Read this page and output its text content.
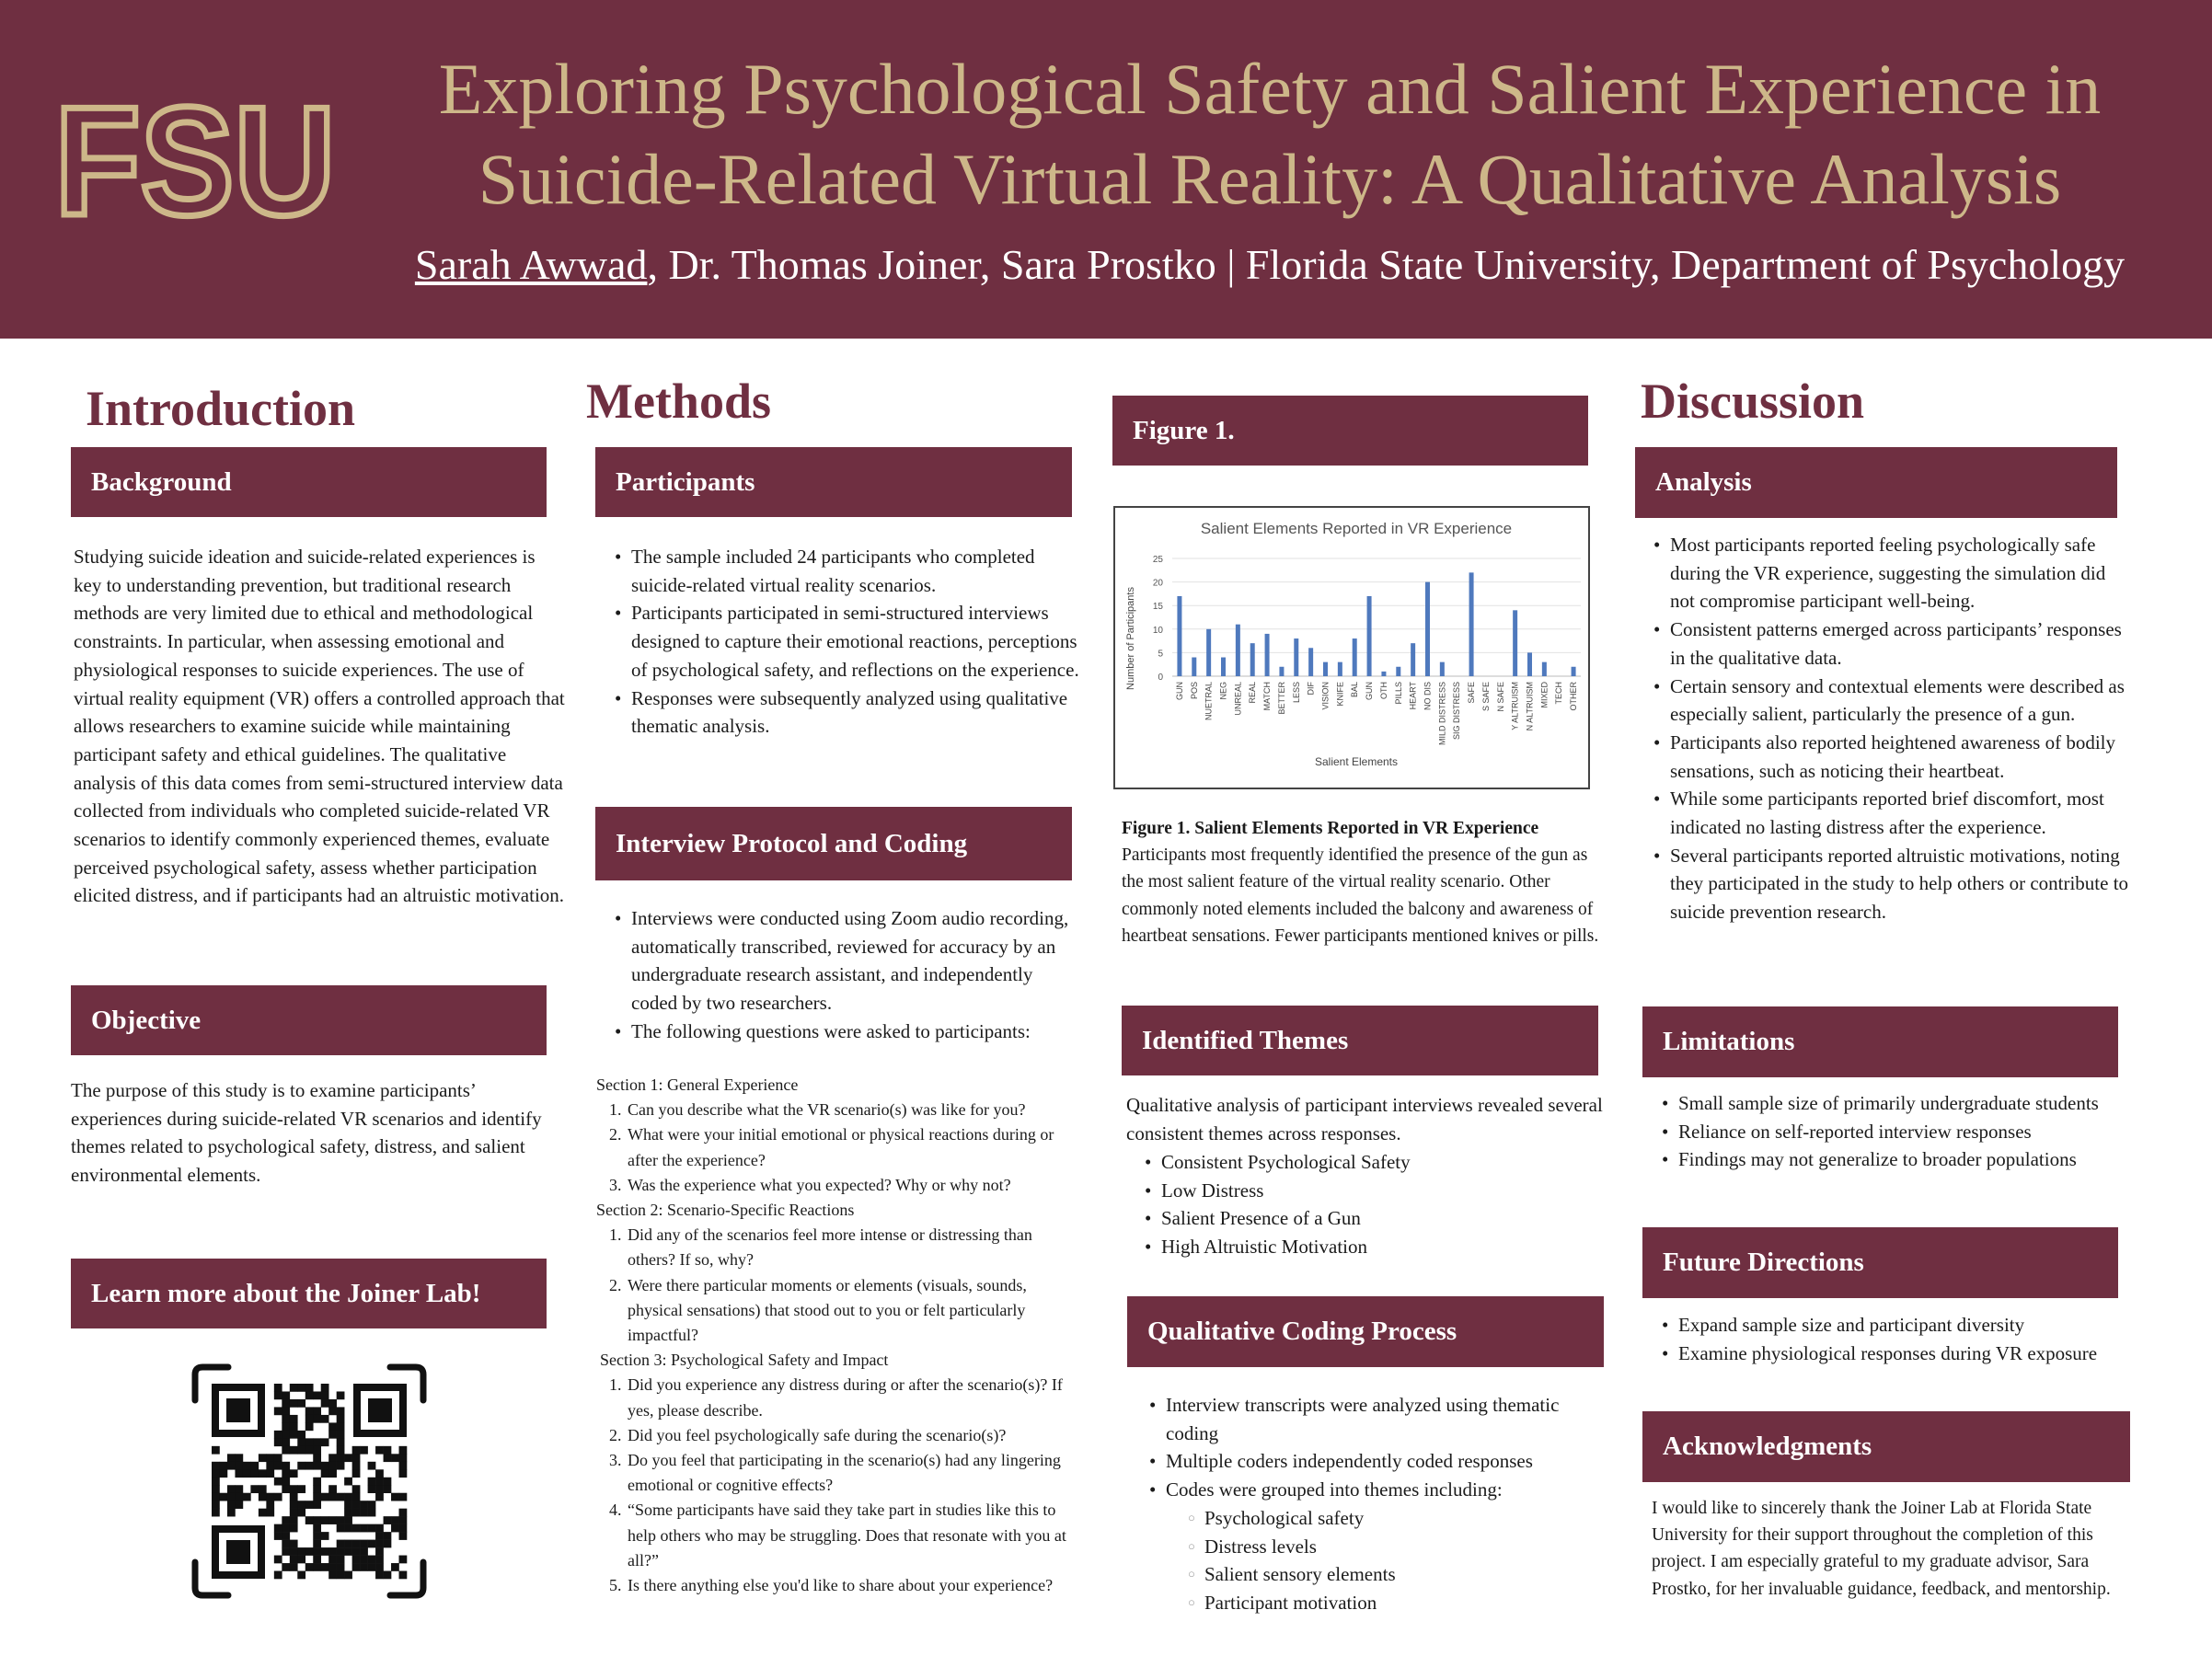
FSU	Exploring Psychological Safety and Salient Experience in
Suicide-Related Virtual Reality: A Qualitative Analysis
Sarah Awwad, Dr. Thomas Joiner, Sara Prostko | Florida State University, Department of Psychology
Introduction
Background
Studying suicide ideation and suicide-related experiences is key to understanding prevention, but traditional research methods are very limited due to ethical and methodological constraints. In particular, when assessing emotional and physiological responses to suicide experiences. The use of virtual reality equipment (VR) offers a controlled approach that allows researchers to examine suicide while maintaining participant safety and ethical guidelines. The qualitative analysis of this data comes from semi-structured interview data collected from individuals who completed suicide-related VR scenarios to identify commonly experienced themes, evaluate perceived psychological safety, assess whether participation elicited distress, and if participants had an altruistic motivation.
Objective
The purpose of this study is to examine participants’ experiences during suicide-related VR scenarios and identify themes related to psychological safety, distress, and salient environmental elements.
Learn more about the Joiner Lab!
Methods
Participants
• The sample included 24 participants who completed suicide-related virtual reality scenarios.
• Participants participated in semi-structured interviews designed to capture their emotional reactions, perceptions of psychological safety, and reflections on the experience.
• Responses were subsequently analyzed using qualitative thematic analysis.
Interview Protocol and Coding
• Interviews were conducted using Zoom audio recording, automatically transcribed, reviewed for accuracy by an undergraduate research assistant, and independently coded by two researchers.
• The following questions were asked to participants:
Section 1: General Experience
1. Can you describe what the VR scenario(s) was like for you?
2. What were your initial emotional or physical reactions during or after the experience?
3. Was the experience what you expected? Why or why not?
Section 2: Scenario-Specific Reactions
1. Did any of the scenarios feel more intense or distressing than others? If so, why?
2. Were there particular moments or elements (visuals, sounds, physical sensations) that stood out to you or felt particularly impactful?
Section 3: Psychological Safety and Impact
1. Did you experience any distress during or after the scenario(s)? If yes, please describe.
2. Did you feel psychologically safe during the scenario(s)?
3. Do you feel that participating in the scenario(s) had any lingering emotional or cognitive effects?
4. “Some participants have said they take part in studies like this to help others who may be struggling. Does that resonate with you at all?”
5. Is there anything else you'd like to share about your experience?
Figure 1.
Salient Elements Reported in VR Experience
0
5
10
15
20
25
GUN POS NUETRAL NEG UNREAL REAL MATCH BETTER LESS DIF VISION KNIFE BAL GUN OTH PILLS HEART NO DIS MILD DISTRESS SIG DISTRESS SAFE S SAFE N SAFE Y ALTRUISM N ALTRUISM MIXED TECH OTHER
Number of Participants
Salient Elements
Figure 1. Salient Elements Reported in VR Experience
Participants most frequently identified the presence of the gun as the most salient feature of the virtual reality scenario. Other commonly noted elements included the balcony and awareness of heartbeat sensations. Fewer participants mentioned knives or pills.
Identified Themes
Qualitative analysis of participant interviews revealed several consistent themes across responses.
• Consistent Psychological Safety
• Low Distress
• Salient Presence of a Gun
• High Altruistic Motivation
Qualitative Coding Process
• Interview transcripts were analyzed using thematic coding
• Multiple coders independently coded responses
• Codes were grouped into themes including:
○ Psychological safety
○ Distress levels
○ Salient sensory elements
○ Participant motivation
Discussion
Analysis
• Most participants reported feeling psychologically safe during the VR experience, suggesting the simulation did not compromise participant well-being.
• Consistent patterns emerged across participants’ responses in the qualitative data.
• Certain sensory and contextual elements were described as especially salient, particularly the presence of a gun.
• Participants also reported heightened awareness of bodily sensations, such as noticing their heartbeat.
• While some participants reported brief discomfort, most indicated no lasting distress after the experience.
• Several participants reported altruistic motivations, noting they participated in the study to help others or contribute to suicide prevention research.
Limitations
• Small sample size of primarily undergraduate students
• Reliance on self-reported interview responses
• Findings may not generalize to broader populations
Future Directions
• Expand sample size and participant diversity
• Examine physiological responses during VR exposure
Acknowledgments
I would like to sincerely thank the Joiner Lab at Florida State University for their support throughout the completion of this project. I am especially grateful to my graduate advisor, Sara Prostko, for her invaluable guidance, feedback, and mentorship.
